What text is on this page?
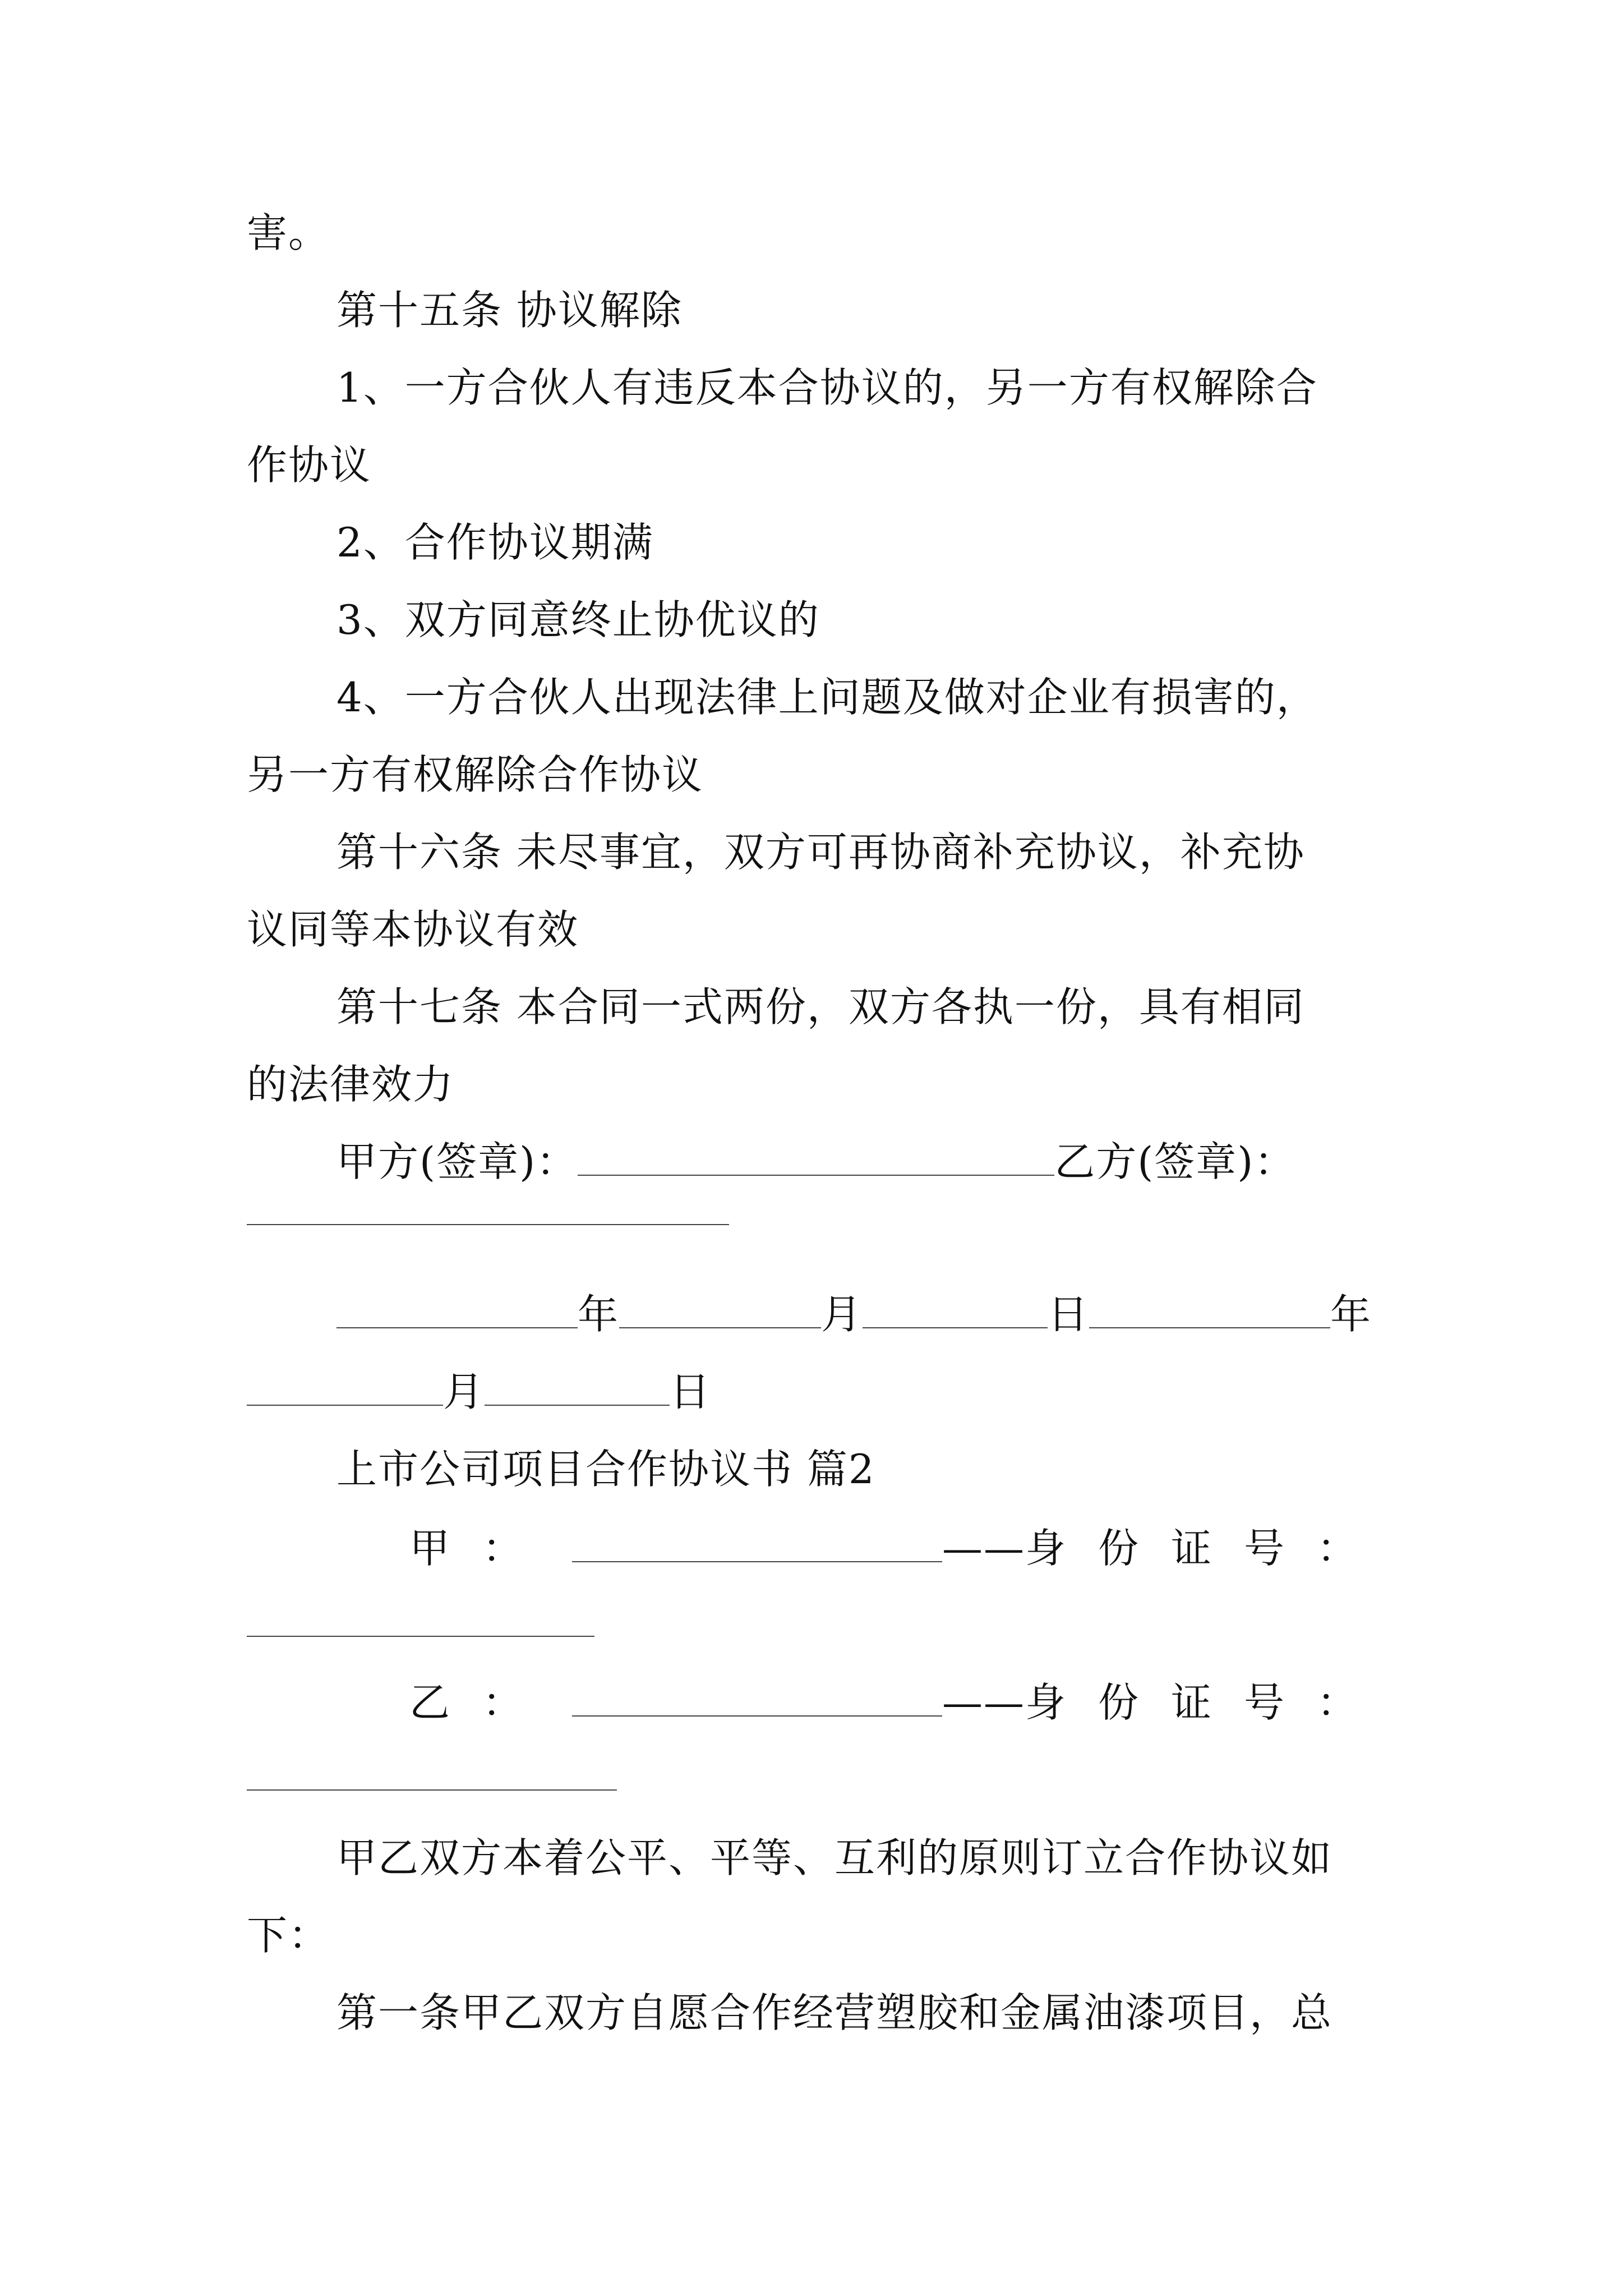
害。
第十五条 协议解除
1、一方合伙人有违反本合协议的，另一方有权解除合
作协议
2、合作协议期满
3、双方同意终止协优议的
4、一方合伙人出现法律上问题及做对企业有损害的，
另一方有权解除合作协议
第十六条 未尽事宜，双方可再协商补充协议，补充协
议同等本协议有效
第十七条 本合同一式两份，双方各执一份，具有相同
的法律效力
甲方(签章)：	乙方(签章)：
年	月	日	年
月	日
上市公司项目合作协议书 篇2
甲：	——身份证号：
乙：	——身份证号：
甲乙双方本着公平、平等、互利的原则订立合作协议如
下：
第一条甲乙双方自愿合作经营塑胶和金属油漆项目，总
